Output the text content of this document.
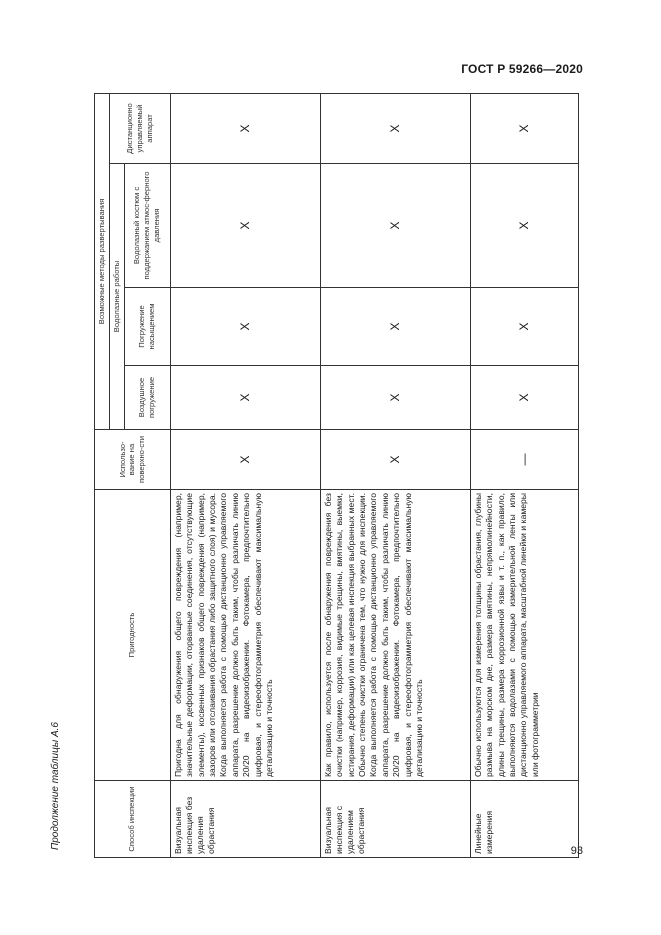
ГОСТ Р 59266—2020
Продолжение таблицы А.6	Способ инспекции	Пригодность	Использо-вание на поверхно-сти	Возможные методы развертывания			
			Водолазные работы			Дистанционно управляемый аппарат
			Воздушное погружение	Погружение насыщением	Водолазный костюм с поддержанием атмос-ферного давления	
Визуальная инспекция без удаления обрастания	Пригодна для обнаружения общего повреждения (например, значительные деформации, оторванные соединения, отсутствующие элементы), косвенных признаков общего повреждения (например, зазоров или отслаивания обрастания либо защитного слоя) и мусора. Когда выполняется работа с помощью дистанционно управляемого аппарата, разрешение должно быть таким, чтобы различать линию 20/20 на видеоизображении. Фотокамера, предпочтительно цифровая, и стереофотограмметрия обеспечивают максимальную детализацию и точность	X	X	X	X	X
Визуальная инспекция с удалением обрастания	Как правило, используется после обнаружения повреждения без очистки (например, коррозия, видимые трещины, вмятины, выемки, истирания, деформации) или как целевая инспекция выбранных мест. Обычно степень очистки ограничена тем, что нужно для инспекции. Когда выполняется работа с помощью дистанционно управляемого аппарата, разрешение должно быть таким, чтобы различать линию 20/20 на видеоизображении. Фотокамера, предпочтительно цифровая, и стереофотограмметрия обеспечивают максимальную детализацию и точность	X	X	X	X	X
Линейные измерения	Обычно используются для измерения толщины обрастания, глубины размыва на морском дне, размера вмятины, непрямолинейности, длины трещины, размера коррозионной язвы и т. п., как правило, выполняются водолазами с помощью измерительной ленты или дистанционно управляемого аппарата, масштабной линейки и камеры или фотограмметрии	—	X	X	X	X
93
